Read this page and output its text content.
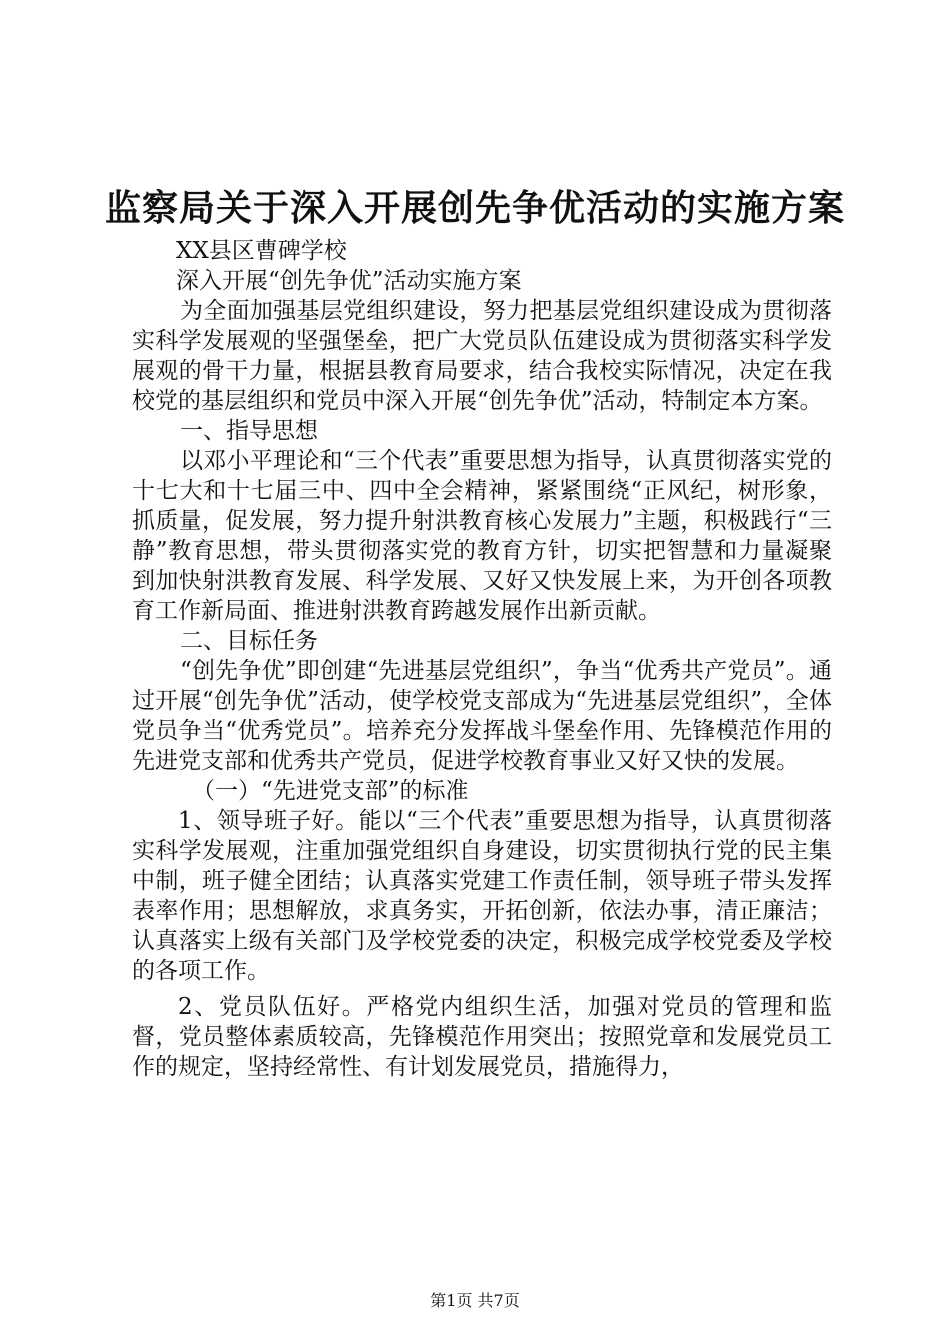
监察局关于深入开展创先争优活动的实施方案

XX县区曹碑学校

深入开展“创先争优”活动实施方案

为全面加强基层党组织建设，努力把基层党组织建设成为贯彻落实科学发展观的坚强堡垒，把广大党员队伍建设成为贯彻落实科学发展观的骨干力量，根据县教育局要求，结合我校实际情况，决定在我校党的基层组织和党员中深入开展“创先争优”活动，特制定本方案。

一、指导思想

以邓小平理论和“三个代表”重要思想为指导，认真贯彻落实党的十七大和十七届三中、四中全会精神，紧紧围绕“正风纪，树形象，抓质量，促发展，努力提升射洪教育核心发展力”主题，积极践行“三静”教育思想，带头贯彻落实党的教育方针，切实把智慧和力量凝聚到加快射洪教育发展、科学发展、又好又快发展上来，为开创各项教育工作新局面、推进射洪教育跨越发展作出新贡献。

二、目标任务

“创先争优”即创建“先进基层党组织”，争当“优秀共产党员”。通过开展“创先争优”活动，使学校党支部成为“先进基层党组织”，全体党员争当“优秀党员”。培养充分发挥战斗堡垒作用、先锋模范作用的先进党支部和优秀共产党员，促进学校教育事业又好又快的发展。

（一）“先进党支部”的标准

1、领导班子好。能以“三个代表”重要思想为指导，认真贯彻落实科学发展观，注重加强党组织自身建设，切实贯彻执行党的民主集中制，班子健全团结；认真落实党建工作责任制，领导班子带头发挥表率作用；思想解放，求真务实，开拓创新，依法办事，清正廉洁；认真落实上级有关部门及学校党委的决定，积极完成学校党委及学校的各项工作。

2、党员队伍好。严格党内组织生活，加强对党员的管理和监督，党员整体素质较高，先锋模范作用突出；按照党章和发展党员工作的规定，坚持经常性、有计划发展党员，措施得力，

第1页 共7页
